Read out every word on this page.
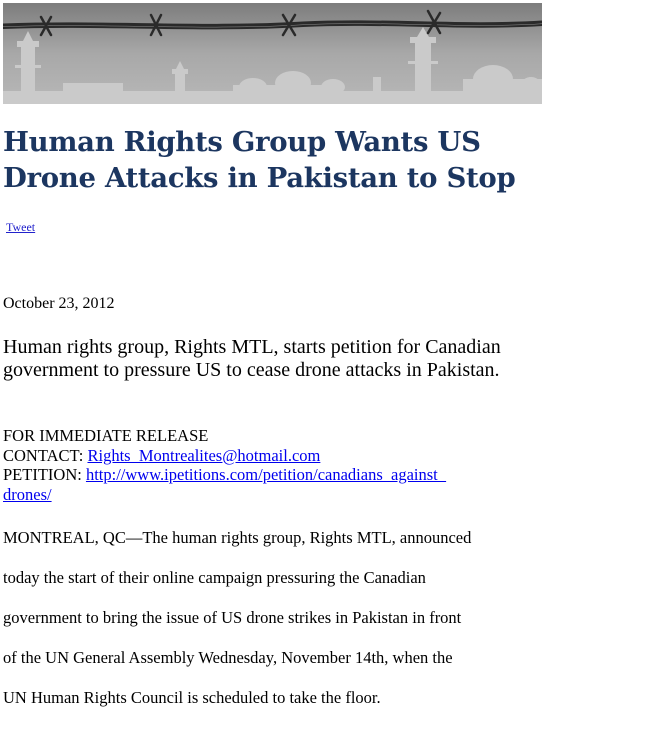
Human Rights Group Wants US Drone Attacks in Pakistan to Stop
Tweet
October 23, 2012

Human rights group, Rights MTL, starts petition for Canadian government to pressure US to cease drone attacks in Pakistan.

FOR IMMEDIATE RELEASE
CONTACT: Rights_Montrealites@hotmail.com
PETITION: http://www.ipetitions.com/petition/canadians_against_
drones/
MONTREAL, QC—The human rights group, Rights MTL, announced
today the start of their online campaign pressuring the Canadian
government to bring the issue of US drone strikes in Pakistan in front
of the UN General Assembly Wednesday, November 14th, when the
UN Human Rights Council is scheduled to take the floor.
